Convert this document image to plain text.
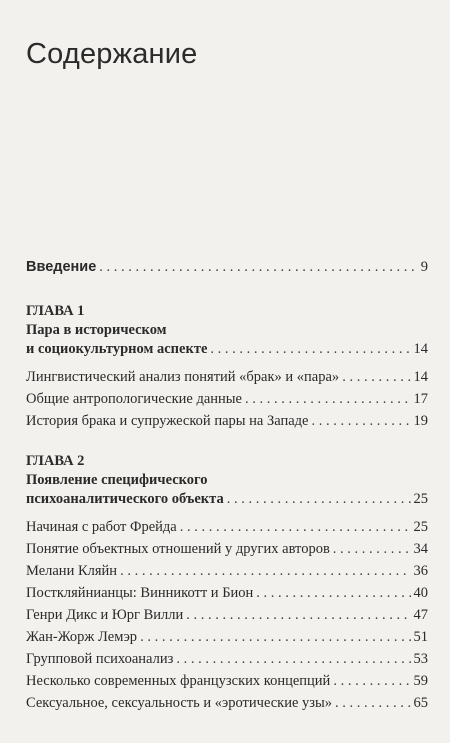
Содержание
Введение . . .	9
ГЛАВА 1
Пара в историческом
и социокультурном аспекте . . .	14
Лингвистический анализ понятий «брак» и «пара» . . .	14
Общие антропологические данные . . .	17
История брака и супружеской пары на Западе . . .	19
ГЛАВА 2
Появление специфического
психоаналитического объекта . . .	25
Начиная с работ Фрейда . . .	25
Понятие объектных отношений у других авторов . . .	34
Мелани Кляйн . . .	36
Посткляйнианцы: Винникотт и Бион . . .	40
Генри Дикс и Юрг Вилли . . .	47
Жан-Жорж Лемэр . . .	51
Групповой психоанализ . . .	53
Несколько современных французских концепций . . .	59
Сексуальное, сексуальность и «эротические узы» . . .	65
